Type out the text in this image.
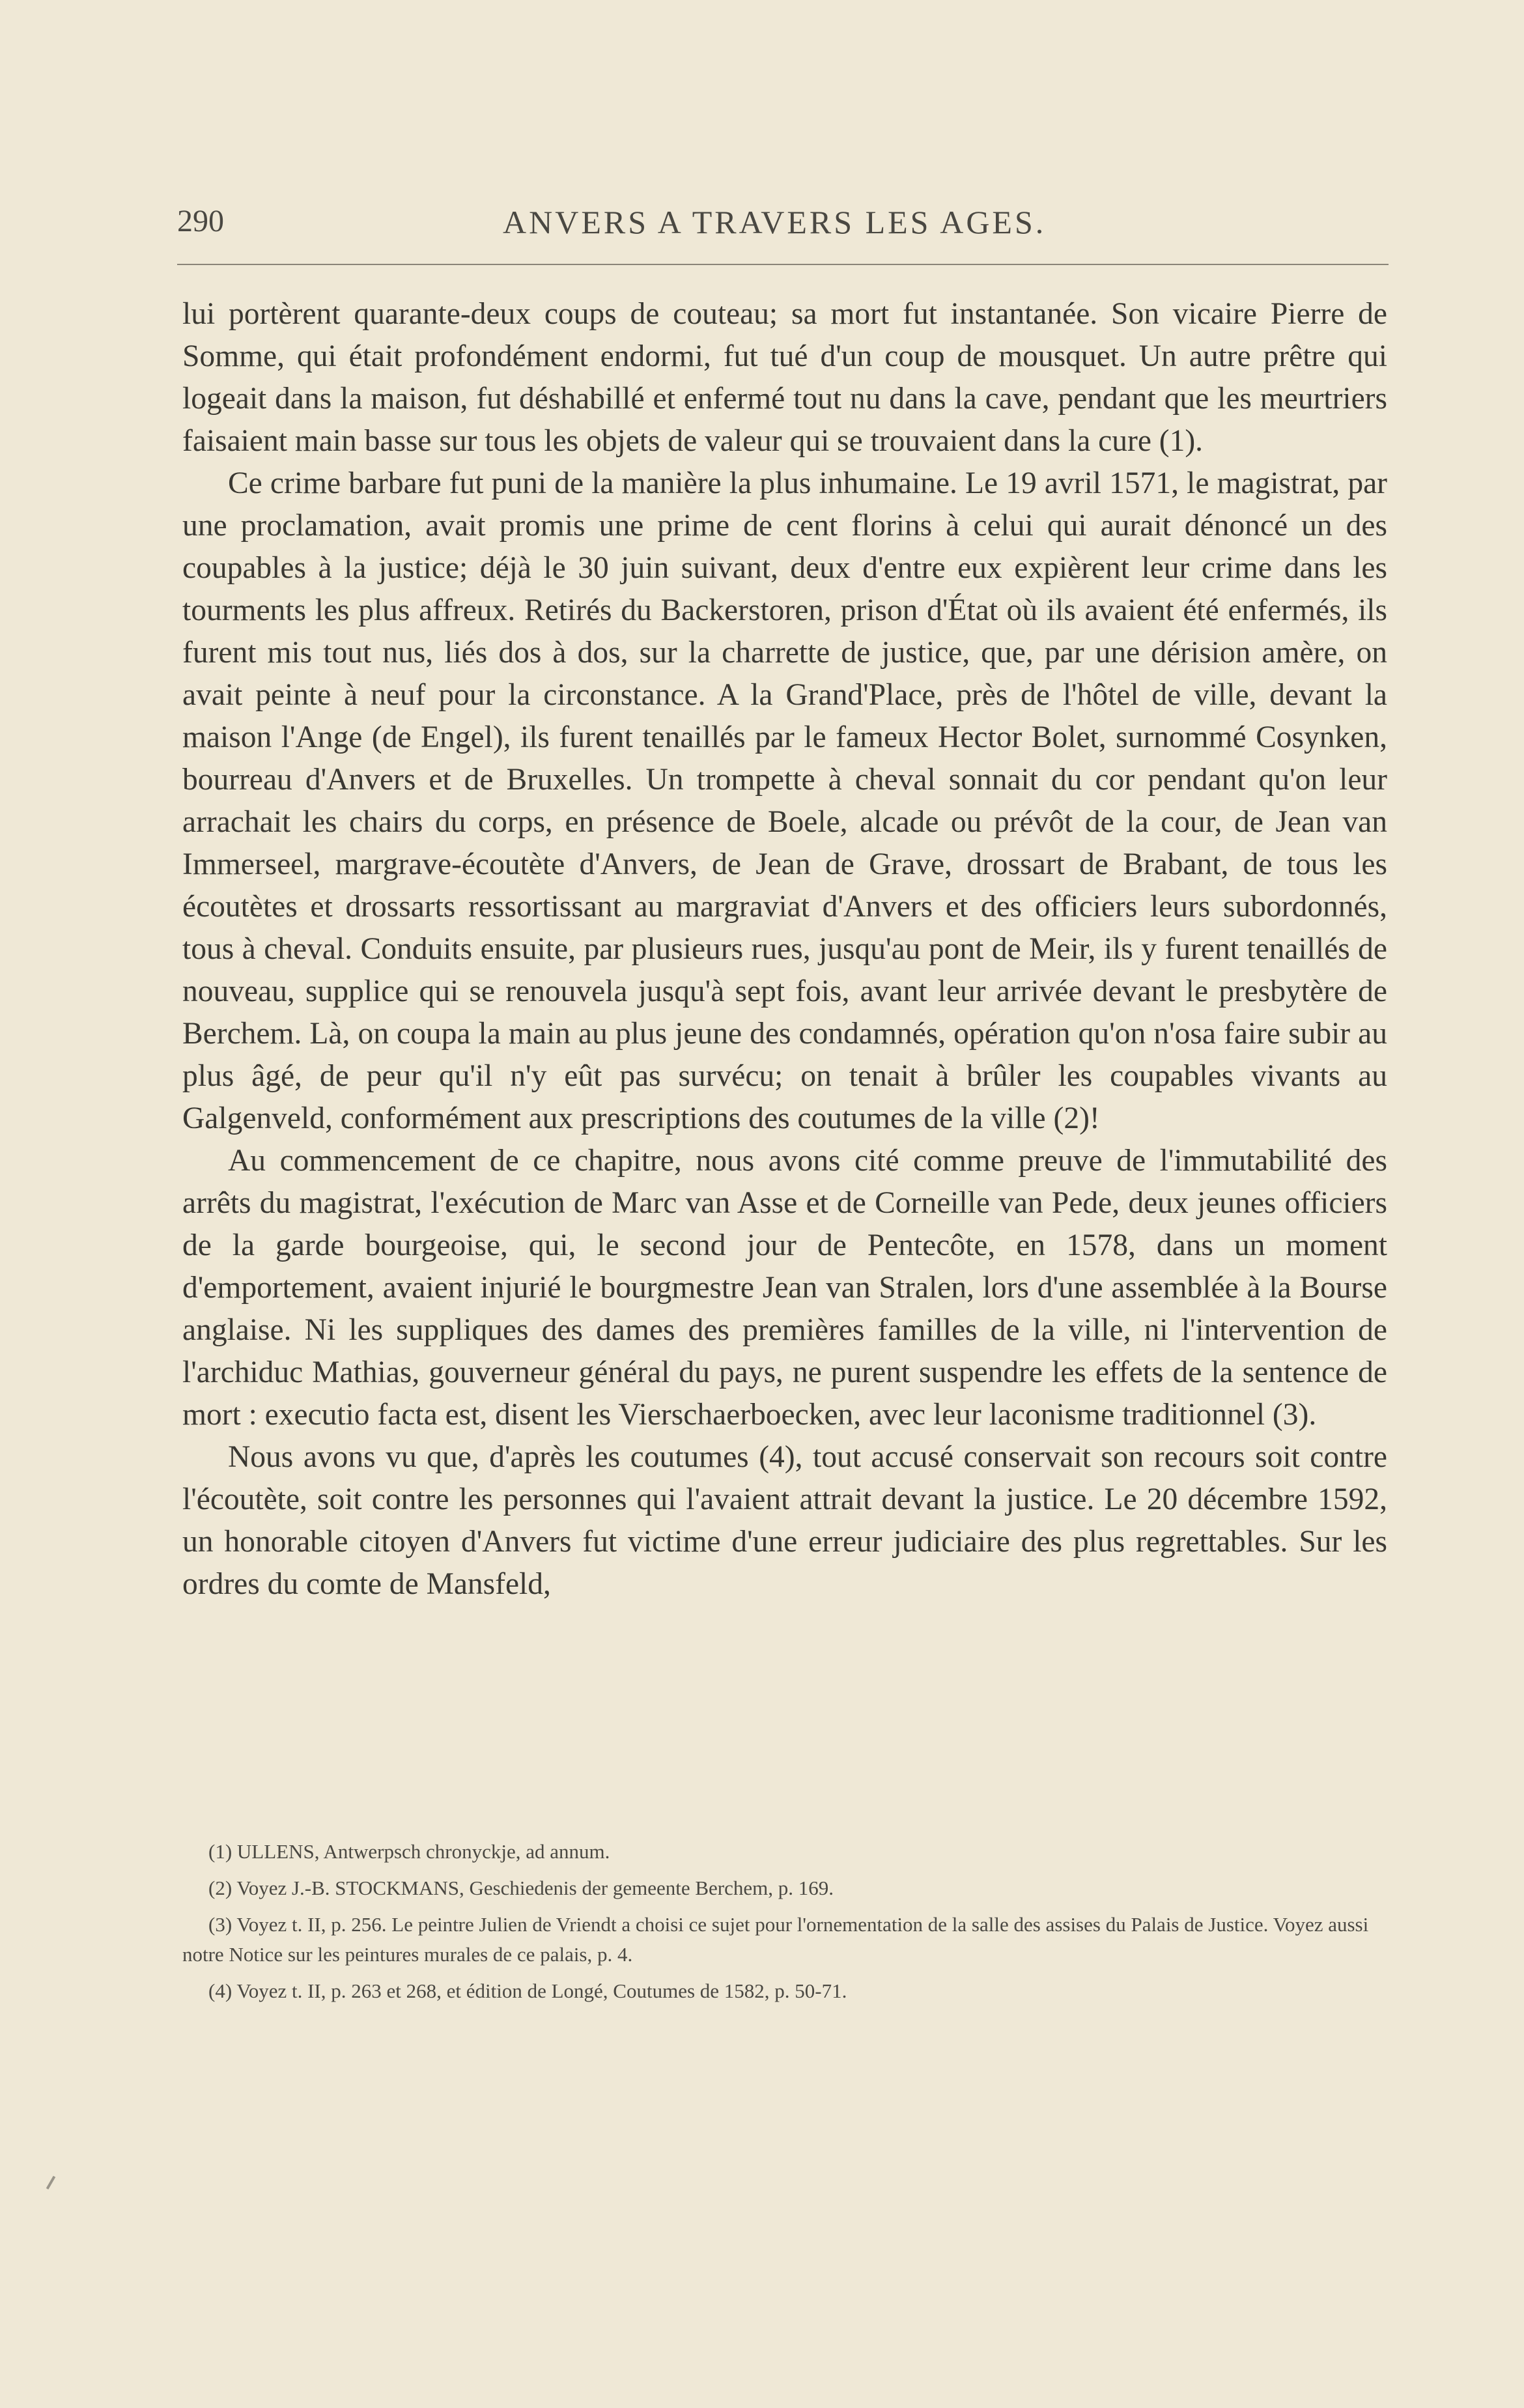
290	ANVERS A TRAVERS LES AGES.

lui portèrent quarante-deux coups de couteau; sa mort fut instantanée. Son vicaire Pierre de Somme, qui était profondément endormi, fut tué d'un coup de mousquet. Un autre prêtre qui logeait dans la maison, fut déshabillé et enfermé tout nu dans la cave, pendant que les meurtriers faisaient main basse sur tous les objets de valeur qui se trouvaient dans la cure (1).

Ce crime barbare fut puni de la manière la plus inhumaine. Le 19 avril 1571, le magistrat, par une proclamation, avait promis une prime de cent florins à celui qui aurait dénoncé un des coupables à la justice; déjà le 30 juin suivant, deux d'entre eux expièrent leur crime dans les tourments les plus affreux. Retirés du Backerstoren, prison d'État où ils avaient été enfermés, ils furent mis tout nus, liés dos à dos, sur la charrette de justice, que, par une dérision amère, on avait peinte à neuf pour la circonstance. A la Grand'Place, près de l'hôtel de ville, devant la maison l'Ange (de Engel), ils furent tenaillés par le fameux Hector Bolet, surnommé Cosynken, bourreau d'Anvers et de Bruxelles. Un trompette à cheval sonnait du cor pendant qu'on leur arrachait les chairs du corps, en présence de Boele, alcade ou prévôt de la cour, de Jean van Immerseel, margrave-écoutète d'Anvers, de Jean de Grave, drossart de Brabant, de tous les écoutètes et drossarts ressortissant au margraviat d'Anvers et des officiers leurs subordonnés, tous à cheval. Conduits ensuite, par plusieurs rues, jusqu'au pont de Meir, ils y furent tenaillés de nouveau, supplice qui se renouvela jusqu'à sept fois, avant leur arrivée devant le presbytère de Berchem. Là, on coupa la main au plus jeune des condamnés, opération qu'on n'osa faire subir au plus âgé, de peur qu'il n'y eût pas survécu; on tenait à brûler les coupables vivants au Galgenveld, conformément aux prescriptions des coutumes de la ville (2)!

Au commencement de ce chapitre, nous avons cité comme preuve de l'immutabilité des arrêts du magistrat, l'exécution de Marc van Asse et de Corneille van Pede, deux jeunes officiers de la garde bourgeoise, qui, le second jour de Pentecôte, en 1578, dans un moment d'emportement, avaient injurié le bourgmestre Jean van Stralen, lors d'une assemblée à la Bourse anglaise. Ni les suppliques des dames des premières familles de la ville, ni l'intervention de l'archiduc Mathias, gouverneur général du pays, ne purent suspendre les effets de la sentence de mort : executio facta est, disent les Vierschaerboecken, avec leur laconisme traditionnel (3).

Nous avons vu que, d'après les coutumes (4), tout accusé conservait son recours soit contre l'écoutète, soit contre les personnes qui l'avaient attrait devant la justice. Le 20 décembre 1592, un honorable citoyen d'Anvers fut victime d'une erreur judiciaire des plus regrettables. Sur les ordres du comte de Mansfeld,

(1) ULLENS, Antwerpsch chronyckje, ad annum.

(2) Voyez J.-B. STOCKMANS, Geschiedenis der gemeente Berchem, p. 169.

(3) Voyez t. II, p. 256. Le peintre Julien de Vriendt a choisi ce sujet pour l'ornementation de la salle des assises du Palais de Justice. Voyez aussi notre Notice sur les peintures murales de ce palais, p. 4.

(4) Voyez t. II, p. 263 et 268, et édition de Longé, Coutumes de 1582, p. 50-71.
